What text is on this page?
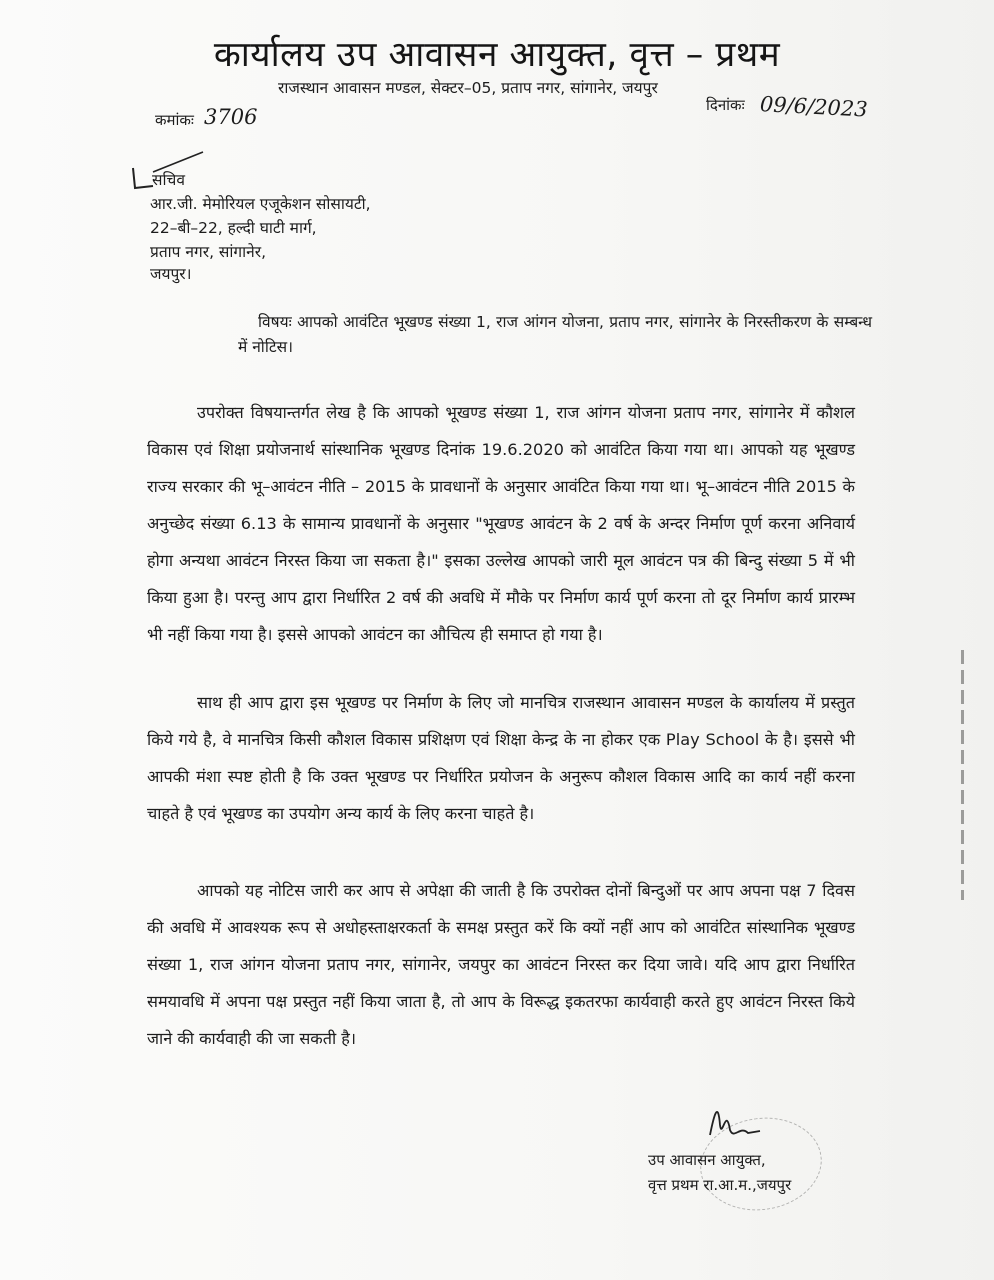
कार्यालय उप आवासन आयुक्त, वृत्त – प्रथम
राजस्थान आवासन मण्डल, सेक्टर–05, प्रताप नगर, सांगानेर, जयपुर
कमांकः 3706	दिनांकः 09/6/2023
सचिव
आर.जी. मेमोरियल एजूकेशन सोसायटी,
22–बी–22, हल्दी घाटी मार्ग,
प्रताप नगर, सांगानेर,
जयपुर।
विषयः आपको आवंटित भूखण्ड संख्या 1, राज आंगन योजना, प्रताप नगर, सांगानेर के निरस्तीकरण के सम्बन्ध में नोटिस।
उपरोक्त विषयान्तर्गत लेख है कि आपको भूखण्ड संख्या 1, राज आंगन योजना प्रताप नगर, सांगानेर में कौशल विकास एवं शिक्षा प्रयोजनार्थ सांस्थानिक भूखण्ड दिनांक 19.6.2020 को आवंटित किया गया था। आपको यह भूखण्ड राज्य सरकार की भू–आवंटन नीति – 2015 के प्रावधानों के अनुसार आवंटित किया गया था। भू–आवंटन नीति 2015 के अनुच्छेद संख्या 6.13 के सामान्य प्रावधानों के अनुसार "भूखण्ड आवंटन के 2 वर्ष के अन्दर निर्माण पूर्ण करना अनिवार्य होगा अन्यथा आवंटन निरस्त किया जा सकता है।" इसका उल्लेख आपको जारी मूल आवंटन पत्र की बिन्दु संख्या 5 में भी किया हुआ है। परन्तु आप द्वारा निर्धारित 2 वर्ष की अवधि में मौके पर निर्माण कार्य पूर्ण करना तो दूर निर्माण कार्य प्रारम्भ भी नहीं किया गया है। इससे आपको आवंटन का औचित्य ही समाप्त हो गया है।
साथ ही आप द्वारा इस भूखण्ड पर निर्माण के लिए जो मानचित्र राजस्थान आवासन मण्डल के कार्यालय में प्रस्तुत किये गये है, वे मानचित्र किसी कौशल विकास प्रशिक्षण एवं शिक्षा केन्द्र के ना होकर एक Play School के है। इससे भी आपकी मंशा स्पष्ट होती है कि उक्त भूखण्ड पर निर्धारित प्रयोजन के अनुरूप कौशल विकास आदि का कार्य नहीं करना चाहते है एवं भूखण्ड का उपयोग अन्य कार्य के लिए करना चाहते है।
आपको यह नोटिस जारी कर आप से अपेक्षा की जाती है कि उपरोक्त दोनों बिन्दुओं पर आप अपना पक्ष 7 दिवस की अवधि में आवश्यक रूप से अधोहस्ताक्षरकर्ता के समक्ष प्रस्तुत करें कि क्यों नहीं आप को आवंटित सांस्थानिक भूखण्ड संख्या 1, राज आंगन योजना प्रताप नगर, सांगानेर, जयपुर का आवंटन निरस्त कर दिया जावे। यदि आप द्वारा निर्धारित समयावधि में अपना पक्ष प्रस्तुत नहीं किया जाता है, तो आप के विरूद्ध इकतरफा कार्यवाही करते हुए आवंटन निरस्त किये जाने की कार्यवाही की जा सकती है।
उप आवासन आयुक्त,
वृत्त प्रथम रा.आ.म.,जयपुर
